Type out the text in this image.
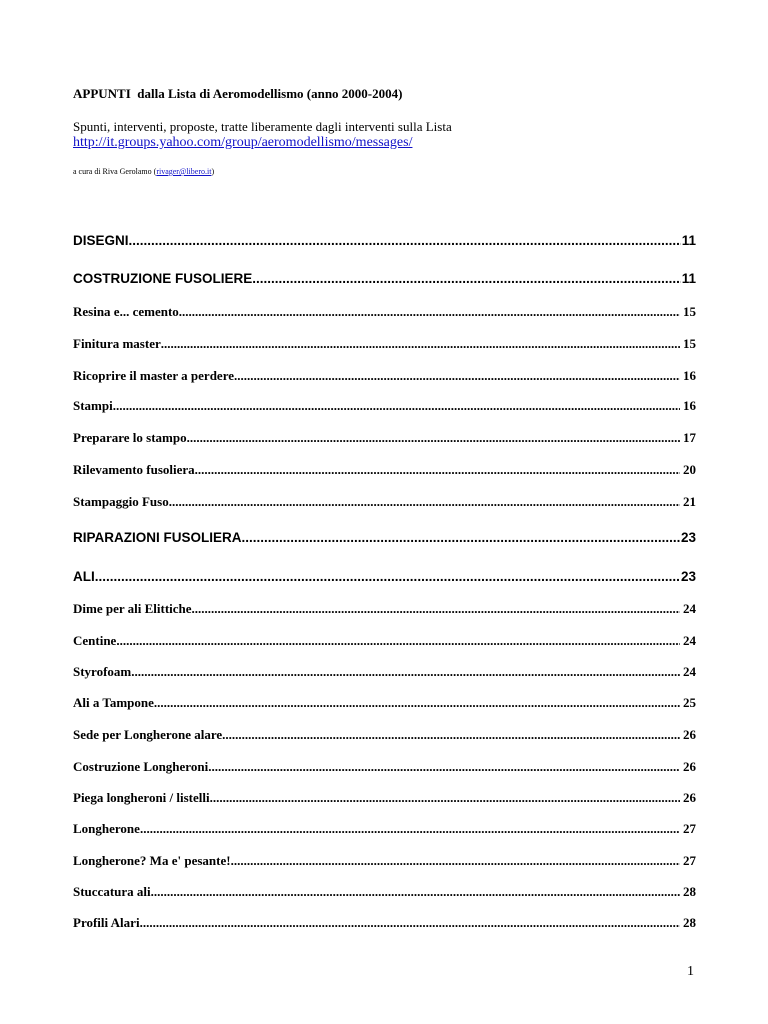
APPUNTI  dalla Lista di Aeromodellismo (anno 2000-2004)
Spunti, interventi, proposte, tratte liberamente dagli interventi sulla Lista
http://it.groups.yahoo.com/group/aeromodellismo/messages/
a cura di Riva Gerolamo (rivager@libero.it)
DISEGNI .....	11
COSTRUZIONE FUSOLIERE .....	11
Resina e... cemento .....	15
Finitura master .....	15
Ricoprire il master a perdere .....	16
Stampi .....	16
Preparare lo stampo .....	17
Rilevamento fusoliera .....	20
Stampaggio Fuso .....	21
RIPARAZIONI FUSOLIERA .....	23
ALI .....	23
Dime per ali Elittiche .....	24
Centine .....	24
Styrofoam .....	24
Ali a Tampone .....	25
Sede per Longherone alare .....	26
Costruzione Longheroni .....	26
Piega longheroni / listelli .....	26
Longherone .....	27
Longherone? Ma e' pesante! .....	27
Stuccatura ali .....	28
Profili Alari .....	28
1
